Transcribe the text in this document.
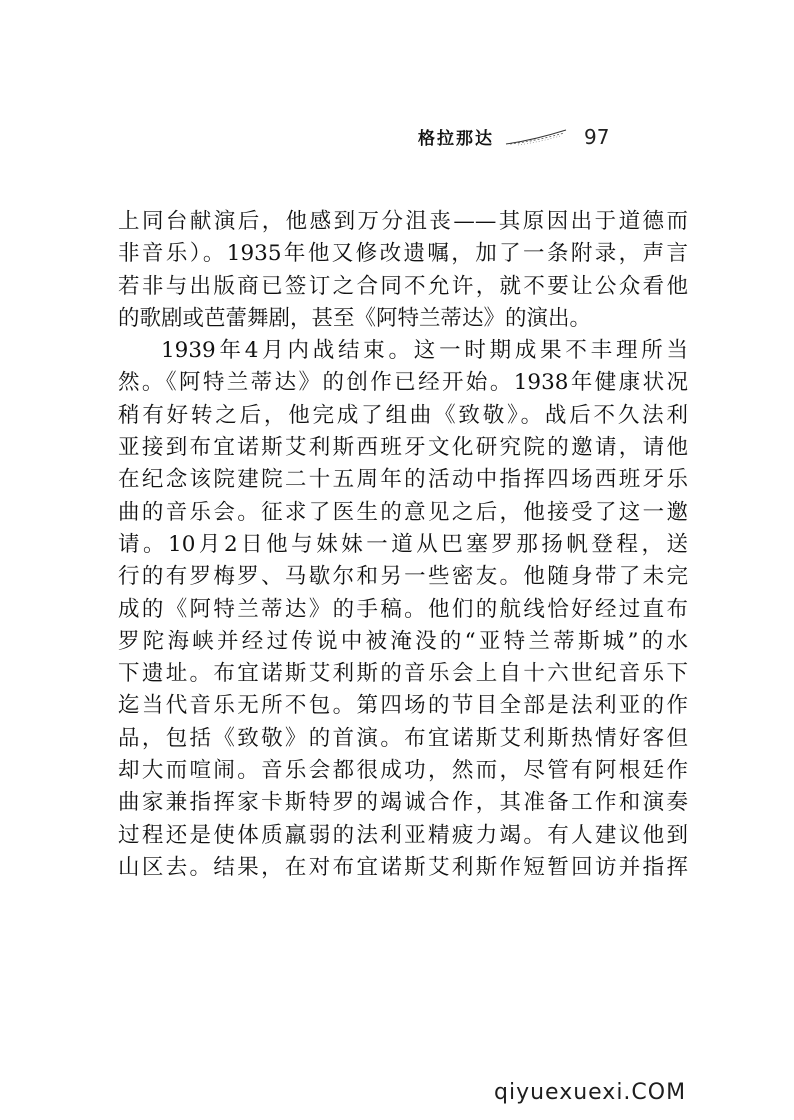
格拉那达	97
上同台献演后，他感到万分沮丧——其原因出于道德而
非音乐）。1935年他又修改遗嘱，加了一条附录，声言
若非与出版商已签订之合同不允许，就不要让公众看他
的歌剧或芭蕾舞剧，甚至《阿特兰蒂达》的演出。
1939年4月内战结束。这一时期成果不丰理所当
然。《阿特兰蒂达》的创作已经开始。1938年健康状况
稍有好转之后，他完成了组曲《致敬》。战后不久法利
亚接到布宜诺斯艾利斯西班牙文化研究院的邀请，请他
在纪念该院建院二十五周年的活动中指挥四场西班牙乐
曲的音乐会。征求了医生的意见之后，他接受了这一邀
请。10月2日他与妹妹一道从巴塞罗那扬帆登程，送
行的有罗梅罗、马歇尔和另一些密友。他随身带了未完
成的《阿特兰蒂达》的手稿。他们的航线恰好经过直布
罗陀海峡并经过传说中被淹没的“亚特兰蒂斯城”的水
下遗址。布宜诺斯艾利斯的音乐会上自十六世纪音乐下
迄当代音乐无所不包。第四场的节目全部是法利亚的作
品，包括《致敬》的首演。布宜诺斯艾利斯热情好客但
却大而喧闹。音乐会都很成功，然而，尽管有阿根廷作
曲家兼指挥家卡斯特罗的竭诚合作，其准备工作和演奏
过程还是使体质羸弱的法利亚精疲力竭。有人建议他到
山区去。结果，在对布宜诺斯艾利斯作短暂回访并指挥
qiyuexuexi.COM
